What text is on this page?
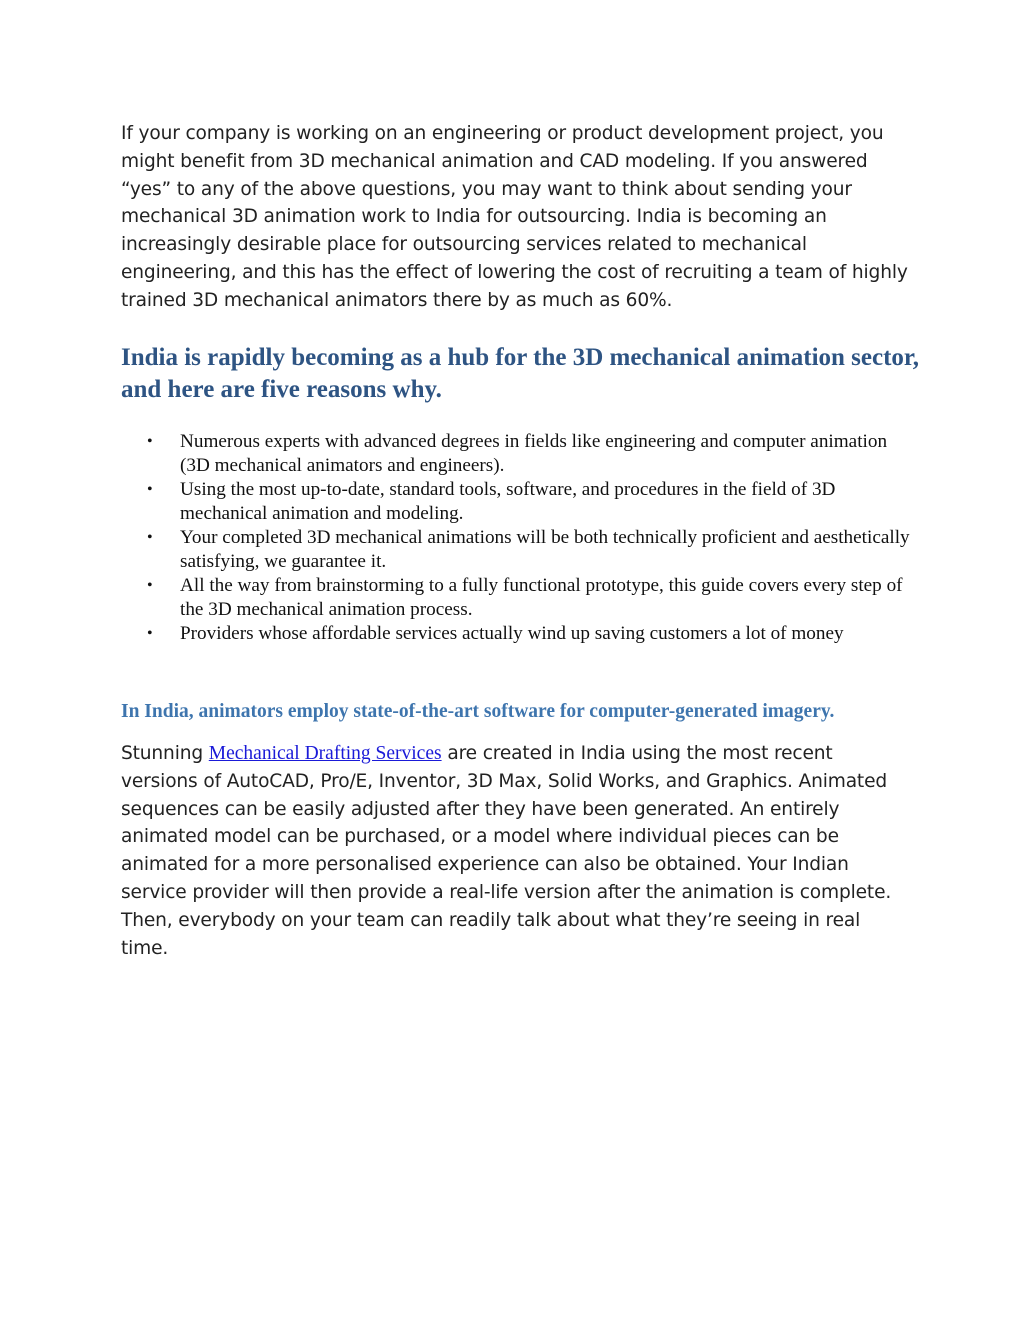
If your company is working on an engineering or product development project, you might benefit from 3D mechanical animation and CAD modeling. If you answered “yes” to any of the above questions, you may want to think about sending your mechanical 3D animation work to India for outsourcing. India is becoming an increasingly desirable place for outsourcing services related to mechanical engineering, and this has the effect of lowering the cost of recruiting a team of highly trained 3D mechanical animators there by as much as 60%.

India is rapidly becoming as a hub for the 3D mechanical animation sector, and here are five reasons why.
• Numerous experts with advanced degrees in fields like engineering and computer animation (3D mechanical animators and engineers).
• Using the most up-to-date, standard tools, software, and procedures in the field of 3D mechanical animation and modeling.
• Your completed 3D mechanical animations will be both technically proficient and aesthetically satisfying, we guarantee it.
• All the way from brainstorming to a fully functional prototype, this guide covers every step of the 3D mechanical animation process.
• Providers whose affordable services actually wind up saving customers a lot of money
In India, animators employ state-of-the-art software for computer-generated imagery.

Stunning Mechanical Drafting Services are created in India using the most recent versions of AutoCAD, Pro/E, Inventor, 3D Max, Solid Works, and Graphics. Animated sequences can be easily adjusted after they have been generated. An entirely animated model can be purchased, or a model where individual pieces can be animated for a more personalised experience can also be obtained. Your Indian service provider will then provide a real-life version after the animation is complete. Then, everybody on your team can readily talk about what they’re seeing in real time.
